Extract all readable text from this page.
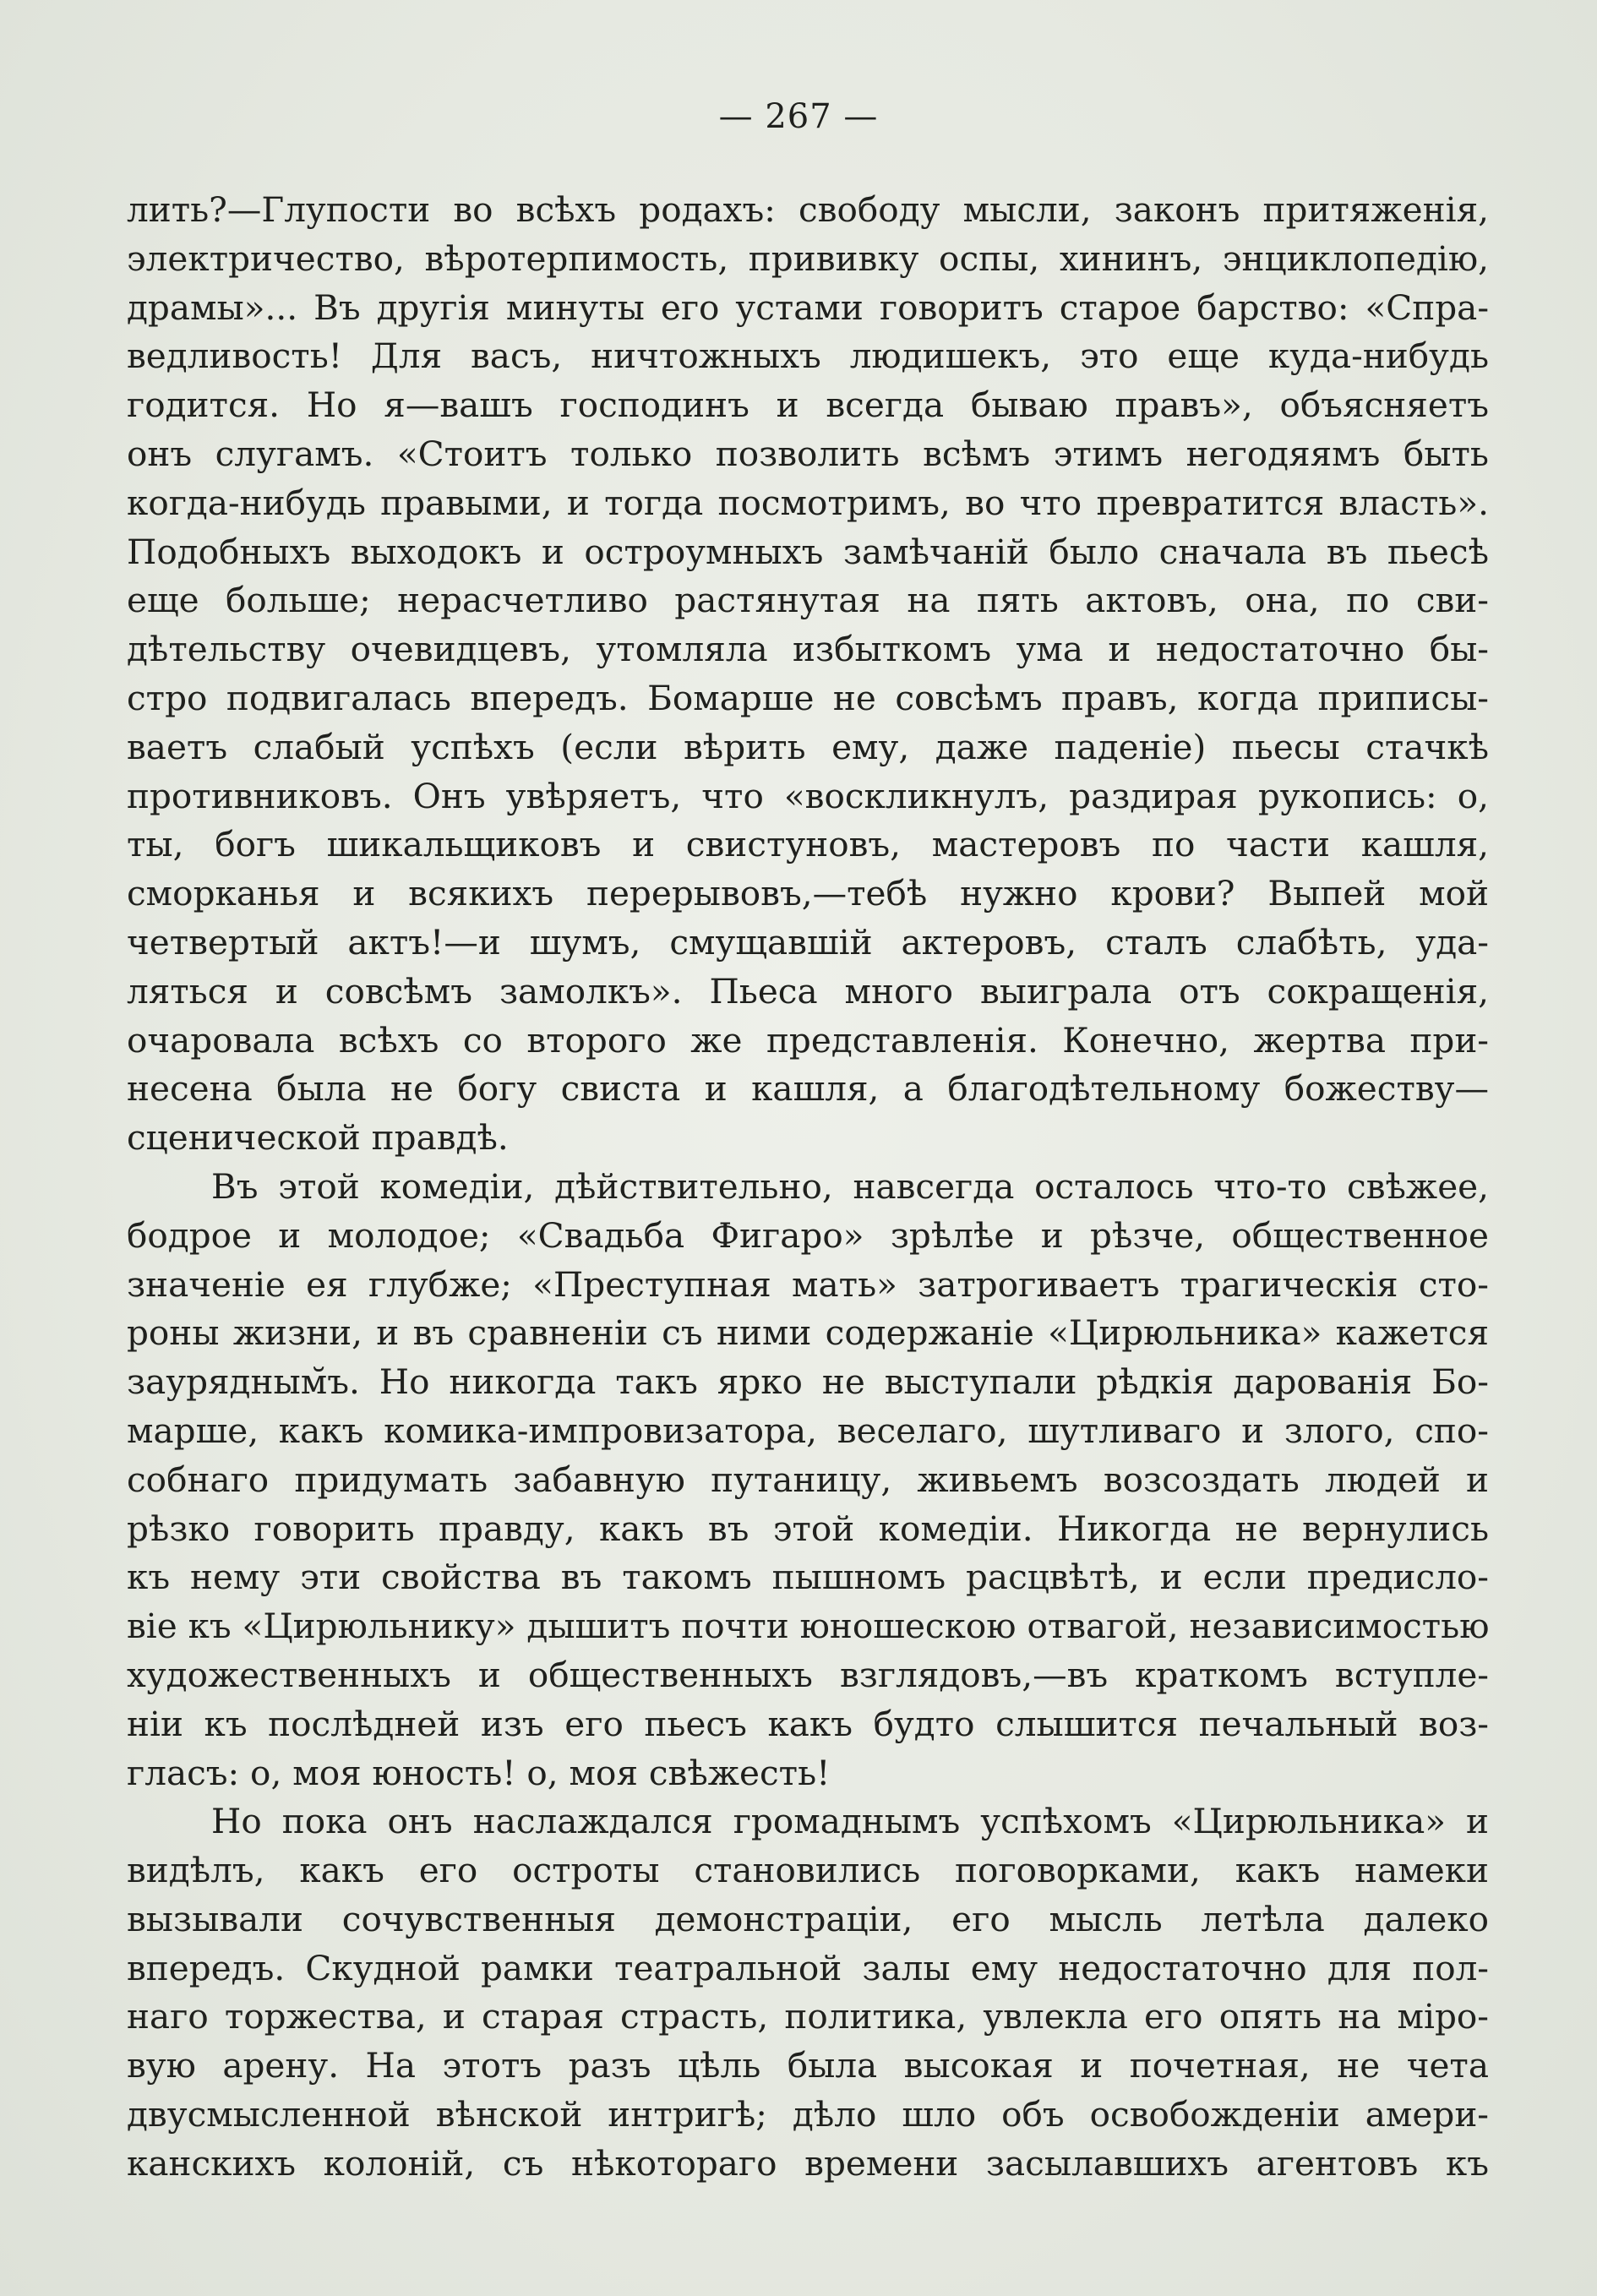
— 267 —
лить?—Глупости во всѣхъ родахъ: свободу мысли, законъ притяженія,
электричество, вѣротерпимость, прививку оспы, хининъ, энциклопедію,
драмы»... Въ другія минуты его устами говоритъ старое барство: «Спра-
ведливость! Для васъ, ничтожныхъ людишекъ, это еще куда-нибудь
годится. Но я—вашъ господинъ и всегда бываю правъ», объясняетъ
онъ слугамъ. «Стоитъ только позволить всѣмъ этимъ негодяямъ быть
когда-нибудь правыми, и тогда посмотримъ, во что превратится власть».
Подобныхъ выходокъ и остроумныхъ замѣчаній было сначала въ пьесѣ
еще больше; нерасчетливо растянутая на пять актовъ, она, по сви-
дѣтельству очевидцевъ, утомляла избыткомъ ума и недостаточно бы-
стро подвигалась впередъ. Бомарше не совсѣмъ правъ, когда приписы-
ваетъ слабый успѣхъ (если вѣрить ему, даже паденіе) пьесы стачкѣ
противниковъ. Онъ увѣряетъ, что «воскликнулъ, раздирая рукопись: о,
ты, богъ шикальщиковъ и свистуновъ, мастеровъ по части кашля,
сморканья и всякихъ перерывовъ,—тебѣ нужно крови? Выпей мой
четвертый актъ!—и шумъ, смущавшій актеровъ, сталъ слабѣть, уда-
ляться и совсѣмъ замолкъ». Пьеса много выиграла отъ сокращенія,
очаровала всѣхъ со второго же представленія. Конечно, жертва при-
несена была не богу свиста и кашля, а благодѣтельному божеству—
сценической правдѣ.
Въ этой комедіи, дѣйствительно, навсегда осталось что-то свѣжее,
бодрое и молодое; «Свадьба Фигаро» зрѣлѣе и рѣзче, общественное
значеніе ея глубже; «Преступная мать» затрогиваетъ трагическія сто-
роны жизни, и въ сравненіи съ ними содержаніе «Цирюльника» кажется
заурядным̆ъ. Но никогда такъ ярко не выступали рѣдкія дарованія Бо-
марше, какъ комика-импровизатора, веселаго, шутливаго и злого, спо-
собнаго придумать забавную путаницу, живьемъ возсоздать людей и
рѣзко говорить правду, какъ въ этой комедіи. Никогда не вернулись
къ нему эти свойства въ такомъ пышномъ расцвѣтѣ, и если предисло-
віе къ «Цирюльнику» дышитъ почти юношескою отвагой, независимостью
художественныхъ и общественныхъ взглядовъ,—въ краткомъ вступле-
ніи къ послѣдней изъ его пьесъ какъ будто слышится печальный воз-
гласъ: о, моя юность! о, моя свѣжесть!
Но пока онъ наслаждался громаднымъ успѣхомъ «Цирюльника» и
видѣлъ, какъ его остроты становились поговорками, какъ намеки
вызывали сочувственныя демонстраціи, его мысль летѣла далеко
впередъ. Скудной рамки театральной залы ему недостаточно для пол-
наго торжества, и старая страсть, политика, увлекла его опять на міро-
вую арену. На этотъ разъ цѣль была высокая и почетная, не чета
двусмысленной вѣнской интригѣ; дѣло шло объ освобожденіи амери-
канскихъ колоній, съ нѣкотораго времени засылавшихъ агентовъ къ
